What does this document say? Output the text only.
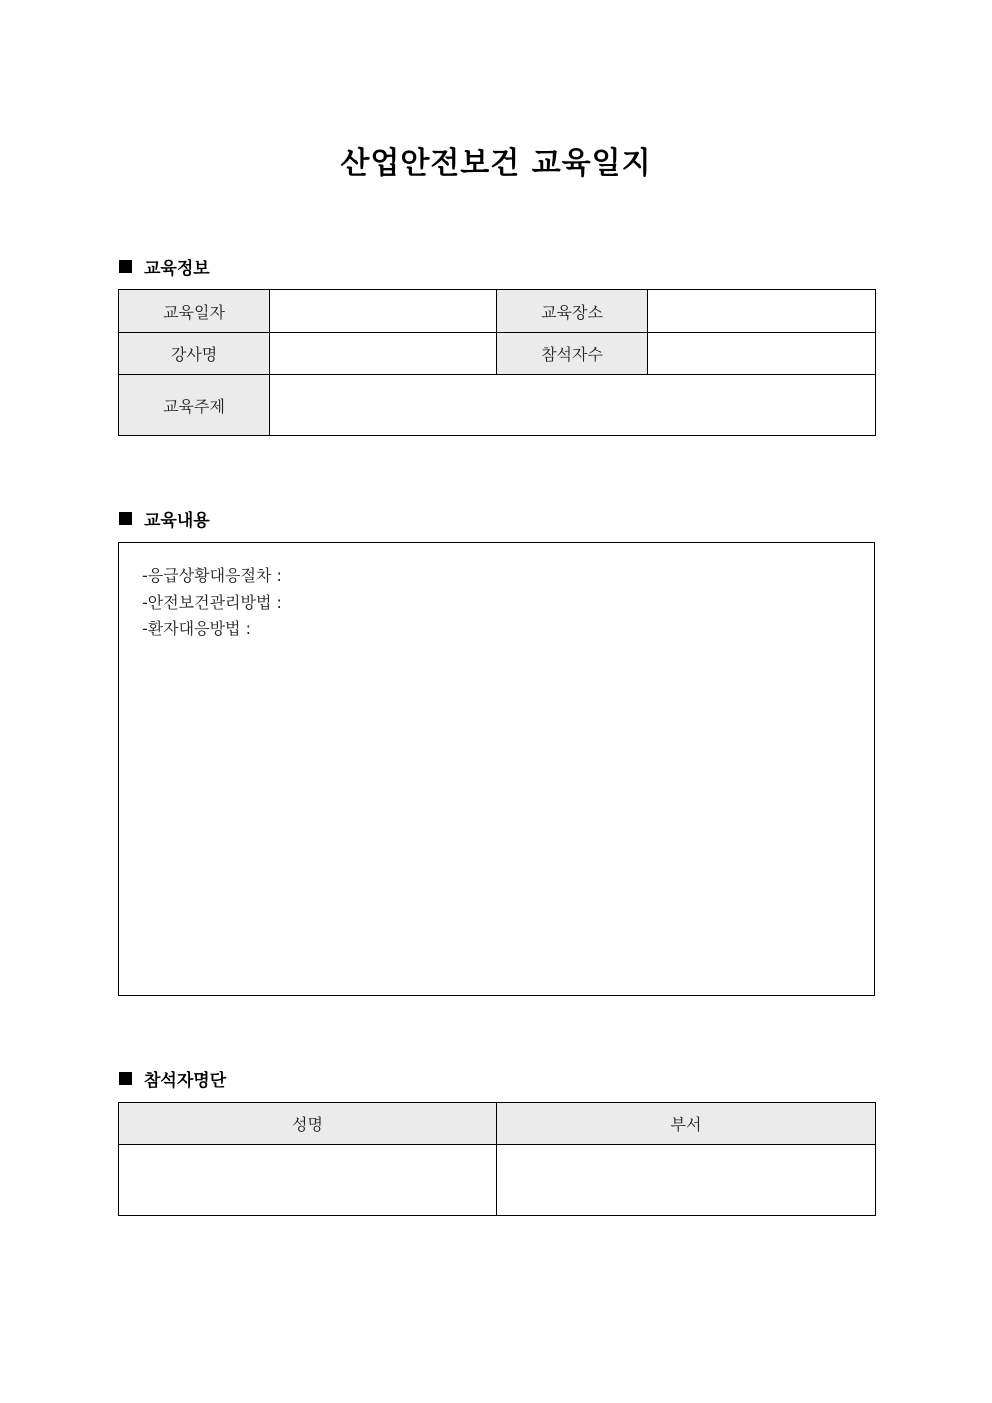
산업안전보건 교육일지
교육정보
교육일자		교육장소	
강사명		참석자수	
교육주제			
교육내용
-응급상황대응절차 :
-안전보건관리방법 :
-환자대응방법 :
참석자명단
성명	부서
